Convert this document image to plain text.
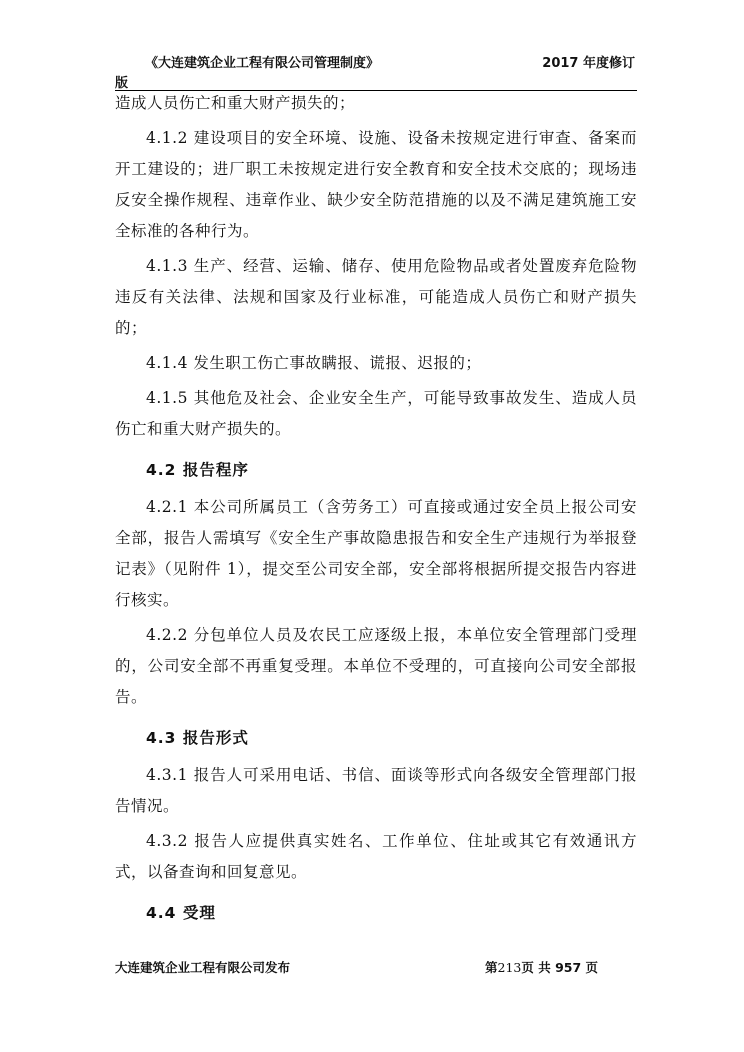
《大连建筑企业工程有限公司管理制度》	2017 年度修订
版

造成人员伤亡和重大财产损失的；

4.1.2 建设项目的安全环境、设施、设备未按规定进行审查、备案而开工建设的；进厂职工未按规定进行安全教育和安全技术交底的；现场违反安全操作规程、违章作业、缺少安全防范措施的以及不满足建筑施工安全标准的各种行为。

4.1.3 生产、经营、运输、储存、使用危险物品或者处置废弃危险物违反有关法律、法规和国家及行业标准，可能造成人员伤亡和财产损失的；

4.1.4 发生职工伤亡事故瞒报、谎报、迟报的；

4.1.5 其他危及社会、企业安全生产，可能导致事故发生、造成人员伤亡和重大财产损失的。

4.2 报告程序

4.2.1 本公司所属员工（含劳务工）可直接或通过安全员上报公司安全部，报告人需填写《安全生产事故隐患报告和安全生产违规行为举报登记表》（见附件 1），提交至公司安全部，安全部将根据所提交报告内容进行核实。

4.2.2 分包单位人员及农民工应逐级上报，本单位安全管理部门受理的，公司安全部不再重复受理。本单位不受理的，可直接向公司安全部报告。

4.3 报告形式

4.3.1 报告人可采用电话、书信、面谈等形式向各级安全管理部门报告情况。

4.3.2 报告人应提供真实姓名、工作单位、住址或其它有效通讯方式，以备查询和回复意见。

4.4 受理
大连建筑企业工程有限公司发布	第213页 共 957 页
